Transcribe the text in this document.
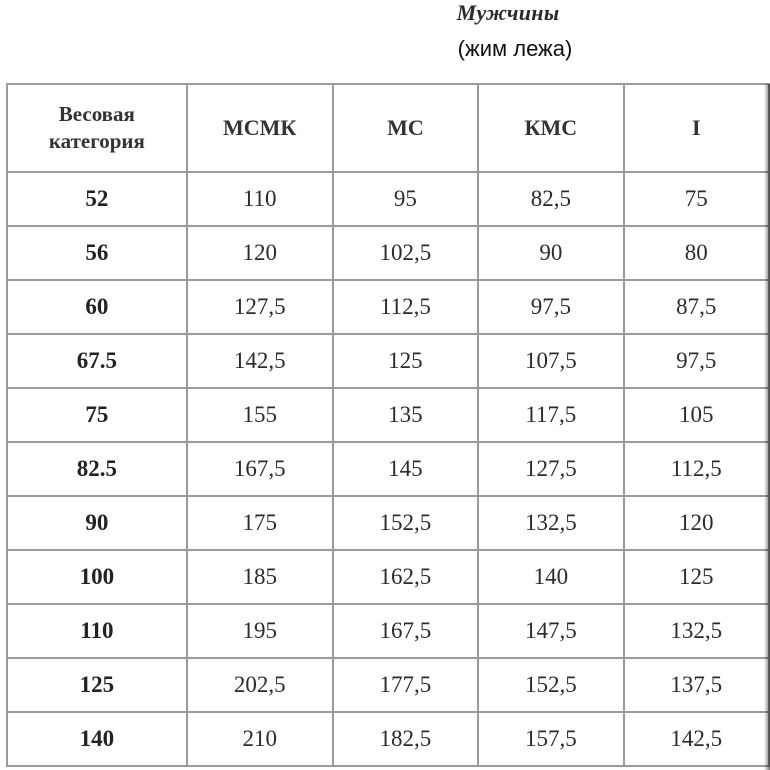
Мужчины
(жим лежа)
Весовая
категория	МСМК	МС	КМС	I
52	110	95	82,5	75
56	120	102,5	90	80
60	127,5	112,5	97,5	87,5
67.5	142,5	125	107,5	97,5
75	155	135	117,5	105
82.5	167,5	145	127,5	112,5
90	175	152,5	132,5	120
100	185	162,5	140	125
110	195	167,5	147,5	132,5
125	202,5	177,5	152,5	137,5
140	210	182,5	157,5	142,5
